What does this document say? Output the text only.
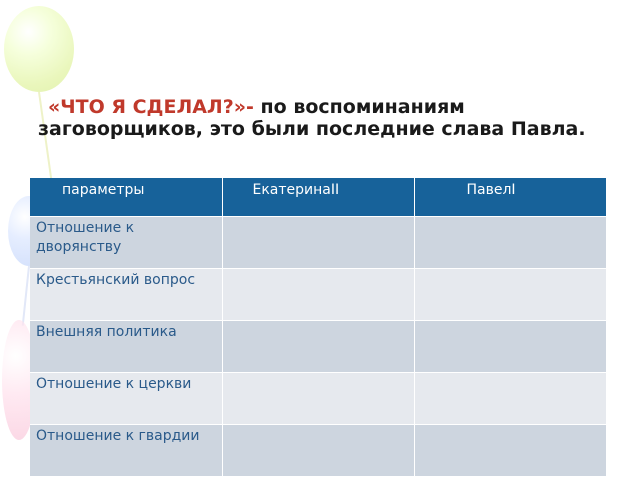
«ЧТО Я СДЕЛАЛ?»- по воспоминаниям заговорщиков, это были последние слава Павла.
параметры	ЕкатеринаII	ПавелI
Отношение к дворянству		
Крестьянский вопрос		
Внешняя политика		
Отношение к церкви		
Отношение к гвардии		
